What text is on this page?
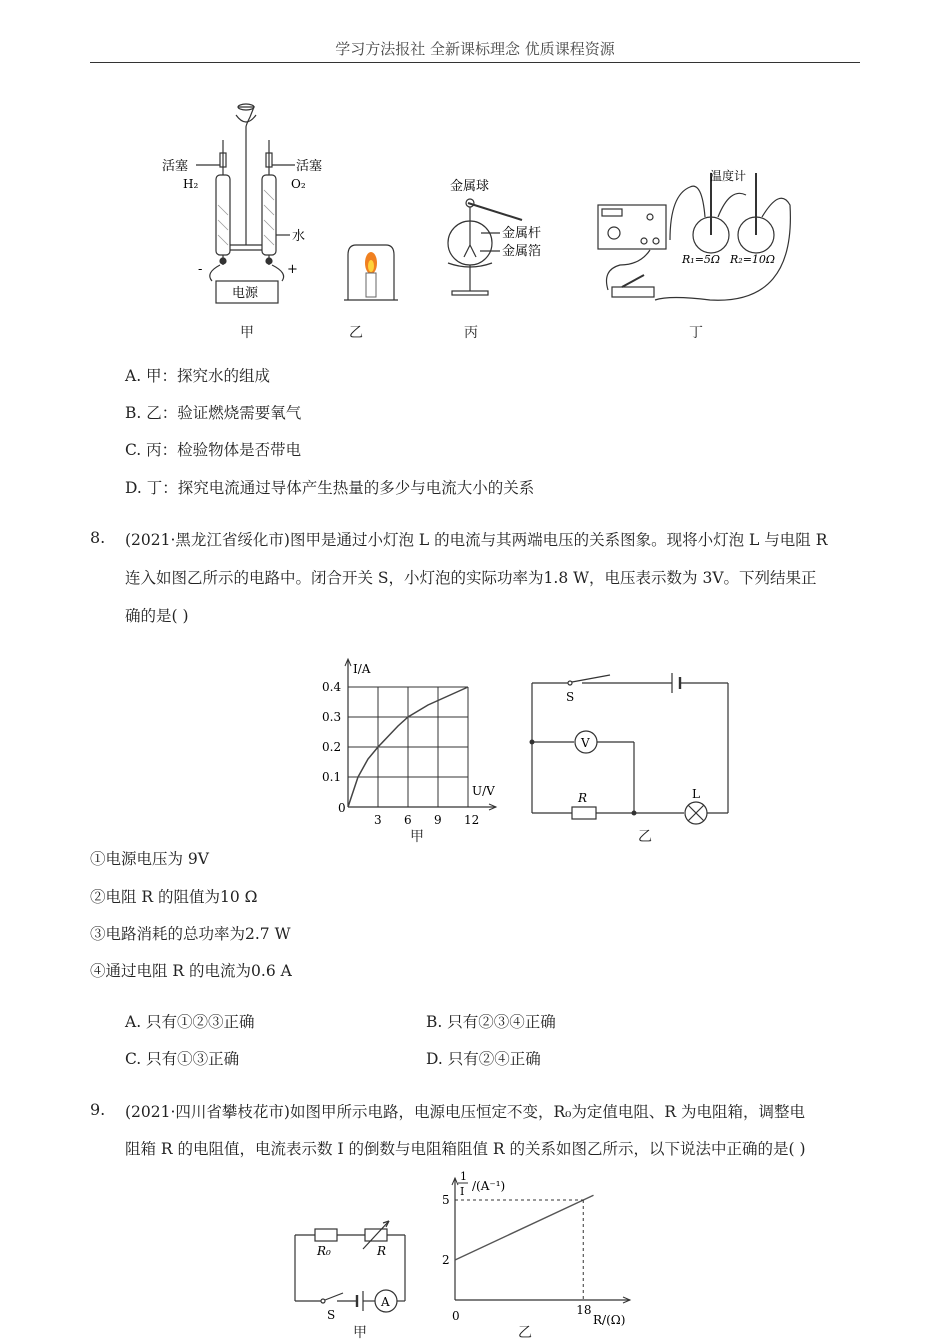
学习方法报社 全新课标理念 优质课程资源
活塞	活塞
H₂	O₂
水
-	+
电源
金属球
金属杆
金属箔
温度计
R₁=5Ω R₂=10Ω
甲	乙	丙	丁
A. 甲：探究水的组成
B. 乙：验证燃烧需要氧气
C. 丙：检验物体是否带电
D. 丁：探究电流通过导体产生热量的多少与电流大小的关系
8. (2021·黑龙江省绥化市)图甲是通过小灯泡 L 的电流与其两端电压的关系图象。现将小灯泡 L 与电阻 R
连入如图乙所示的电路中。闭合开关 S，小灯泡的实际功率为1.8 W，电压表示数为 3V。下列结果正
确的是( )
3 6 9 12
0.1
0.2
0.3
0.4
0
I/A
U/V
甲
S
V
R	L
乙
①电源电压为 9V
②电阻 R 的阻值为10 Ω
③电路消耗的总功率为2.7 W
④通过电阻 R 的电流为0.6 A
A. 只有①②③正确	B. 只有②③④正确
C. 只有①③正确	D. 只有②④正确
9. (2021·四川省攀枝花市)如图甲所示电路，电源电压恒定不变，R₀为定值电阻、R 为电阻箱，调整电
阻箱 R 的电阻值，电流表示数 I 的倒数与电阻箱阻值 R 的关系如图乙所示，以下说法中正确的是( )
R₀	R
S
A
甲
1
I /(A⁻¹)
2
5
18
0	R/(Ω)
乙
